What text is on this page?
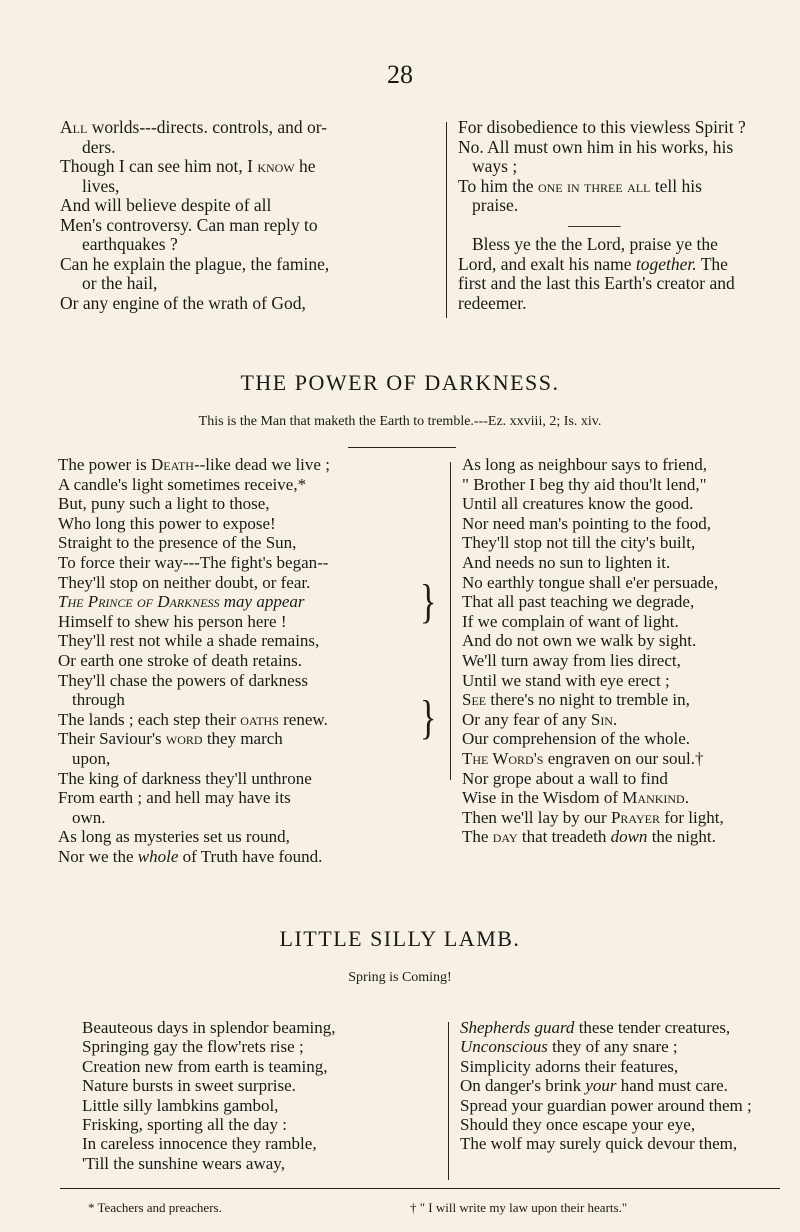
28

All worlds---directs. controls, and or-

ders.

Though I can see him not, I know he

lives,

And will believe despite of all

Men's controversy. Can man reply to

earthquakes ?

Can he explain the plague, the famine,

or the hail,

Or any engine of the wrath of God,

For disobedience to this viewless Spirit ?

No. All must own him in his works, his

ways ;

To him the one in three all tell his

praise.

———

Bless ye the the Lord, praise ye the

Lord, and exalt his name together. The

first and the last this Earth's creator and

redeemer.

THE POWER OF DARKNESS.
This is the Man that maketh the Earth to tremble.---Ez. xxviii, 2; Is. xiv.

The power is Death--like dead we live ;

A candle's light sometimes receive,*

But, puny such a light to those,

Who long this power to expose!

Straight to the presence of the Sun,

To force their way---The fight's began--

They'll stop on neither doubt, or fear.

The Prince of Darkness may appear

Himself to shew his person here !

They'll rest not while a shade remains,

Or earth one stroke of death retains.

They'll chase the powers of darkness

through

The lands ; each step their oaths renew.

Their Saviour's word they march

upon,

The king of darkness they'll unthrone

From earth ; and hell may have its

own.

As long as mysteries set us round,

Nor we the whole of Truth have found.

}
}

As long as neighbour says to friend,

" Brother I beg thy aid thou'lt lend,"

Until all creatures know the good.

Nor need man's pointing to the food,

They'll stop not till the city's built,

And needs no sun to lighten it.

No earthly tongue shall e'er persuade,

That all past teaching we degrade,

If we complain of want of light.

And do not own we walk by sight.

We'll turn away from lies direct,

Until we stand with eye erect ;

See there's no night to tremble in,

Or any fear of any Sin.

Our comprehension of the whole.

The Word's engraven on our soul.†

Nor grope about a wall to find

Wise in the Wisdom of Mankind.

Then we'll lay by our Prayer for light,

The day that treadeth down the night.

LITTLE SILLY LAMB.
Spring is Coming!

Beauteous days in splendor beaming,

Springing gay the flow'rets rise ;

Creation new from earth is teaming,

Nature bursts in sweet surprise.

Little silly lambkins gambol,

Frisking, sporting all the day :

In careless innocence they ramble,

'Till the sunshine wears away,

Shepherds guard these tender creatures,

Unconscious they of any snare ;

Simplicity adorns their features,

On danger's brink your hand must care.

Spread your guardian power around them ;

Should they once escape your eye,

The wolf may surely quick devour them,

* Teachers and preachers.	† " I will write my law upon their hearts."
